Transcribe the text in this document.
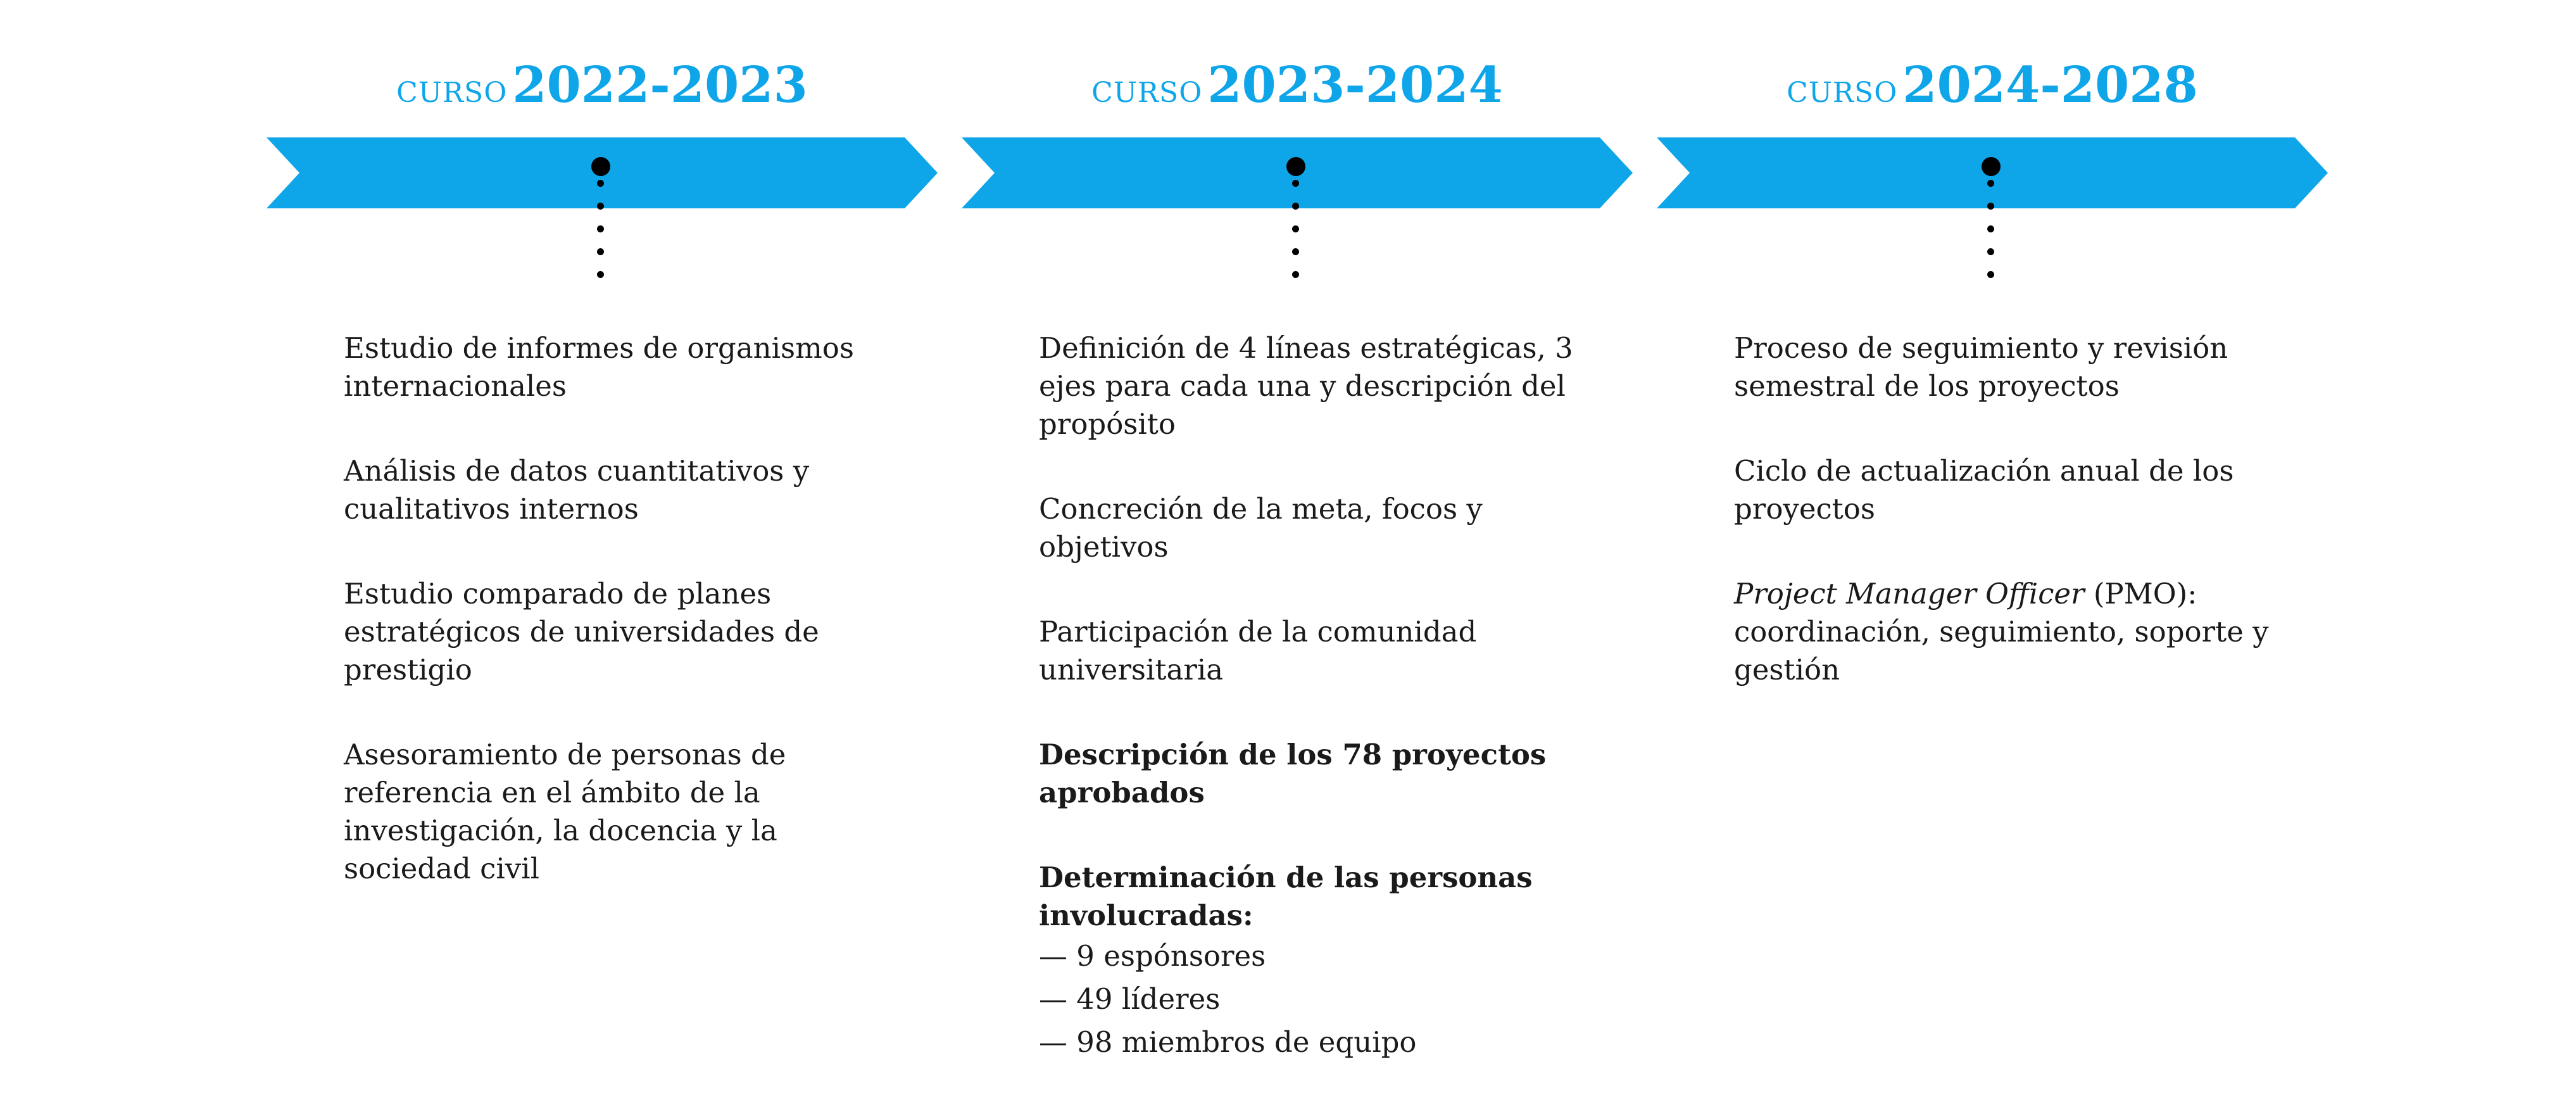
CURSO 2022-2023
Estudio de informes de organismos internacionales
Análisis de datos cuantitativos y cualitativos internos
Estudio comparado de planes estratégicos de universidades de prestigio
Asesoramiento de personas de referencia en el ámbito de la investigación, la docencia y la sociedad civil
CURSO 2023-2024
Definición de 4 líneas estratégicas, 3 ejes para cada una y descripción del propósito
Concreción de la meta, focos y objetivos
Participación de la comunidad universitaria
Descripción de los 78 proyectos aprobados
Determinación de las personas involucradas:
— 9 espónsores
— 49 líderes
— 98 miembros de equipo
CURSO 2024-2028
Proceso de seguimiento y revisión semestral de los proyectos
Ciclo de actualización anual de los proyectos
Project Manager Officer (PMO): coordinación, seguimiento, soporte y gestión
